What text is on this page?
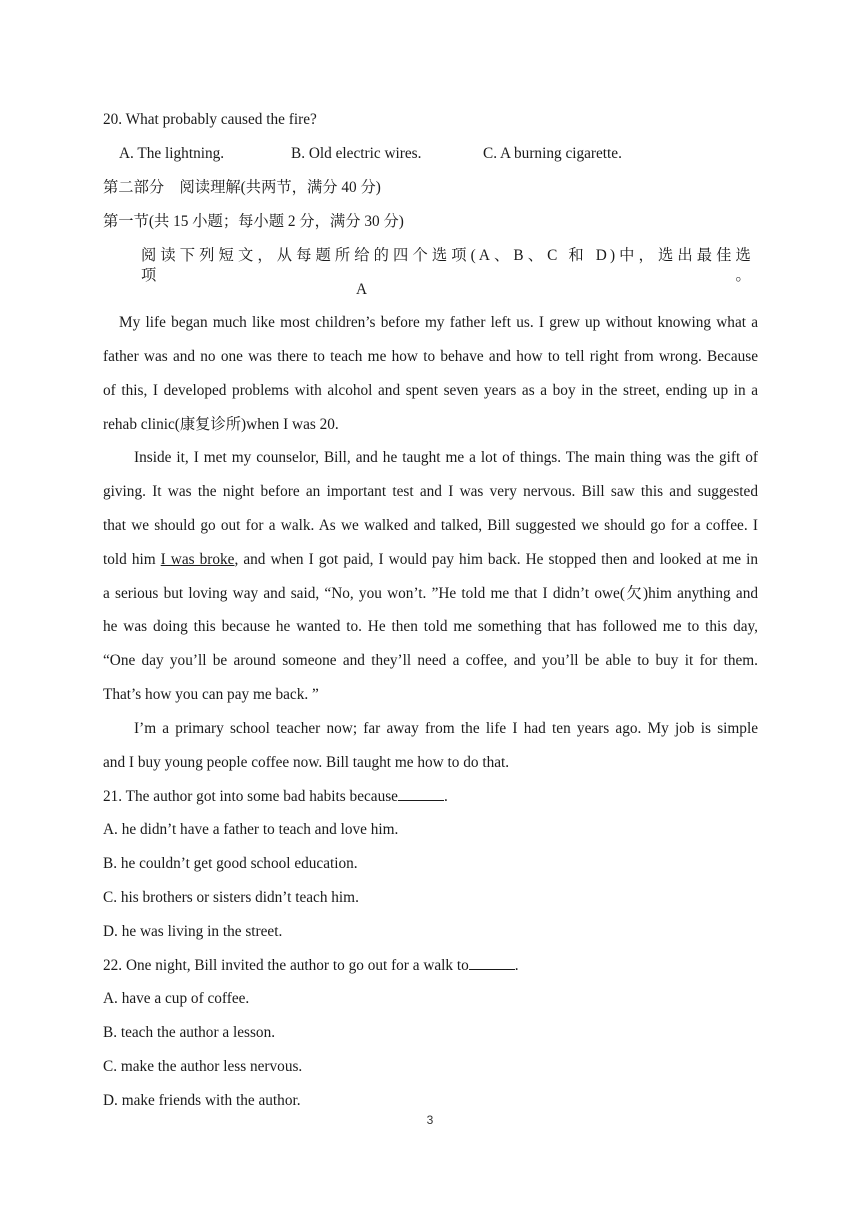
20. What probably caused the fire?
A. The lightning.	B. Old electric wires.	C. A burning cigarette.
第二部分　阅读理解(共两节，满分 40 分)
第一节(共 15 小题；每小题 2 分，满分 30 分)
阅读下列短文，从每题所给的四个选项(A、B、C 和 D)中，选出最佳选项。
A
My life began much like most children’s before my father left us. I grew up without knowing what a
father was and no one was there to teach me how to behave and how to tell right from wrong. Because
of this, I developed problems with alcohol and spent seven years as a boy in the street, ending up in a
rehab clinic(康复诊所)when I was 20.
Inside it, I met my counselor, Bill, and he taught me a lot of things. The main thing was the gift of
giving. It was the night before an important test and I was very nervous. Bill saw this and suggested
that we should go out for a walk. As we walked and talked, Bill suggested we should go for a coffee. I
told him I was broke, and when I got paid, I would pay him back. He stopped then and looked at me in
a serious but loving way and said, “No, you won’t. ”He told me that I didn’t owe(欠)him anything and
he was doing this because he wanted to. He then told me something that has followed me to this day,
“One day you’ll be around someone and they’ll need a coffee, and you’ll be able to buy it for them.
That’s how you can pay me back. ”
I’m a primary school teacher now; far away from the life I had ten years ago. My job is simple
and I buy young people coffee now. Bill taught me how to do that.
21. The author got into some bad habits because	.
A. he didn’t have a father to teach and love him.
B. he couldn’t get good school education.
C. his brothers or sisters didn’t teach him.
D. he was living in the street.
22. One night, Bill invited the author to go out for a walk to	.
A. have a cup of coffee.
B. teach the author a lesson.
C. make the author less nervous.
D. make friends with the author.
3
